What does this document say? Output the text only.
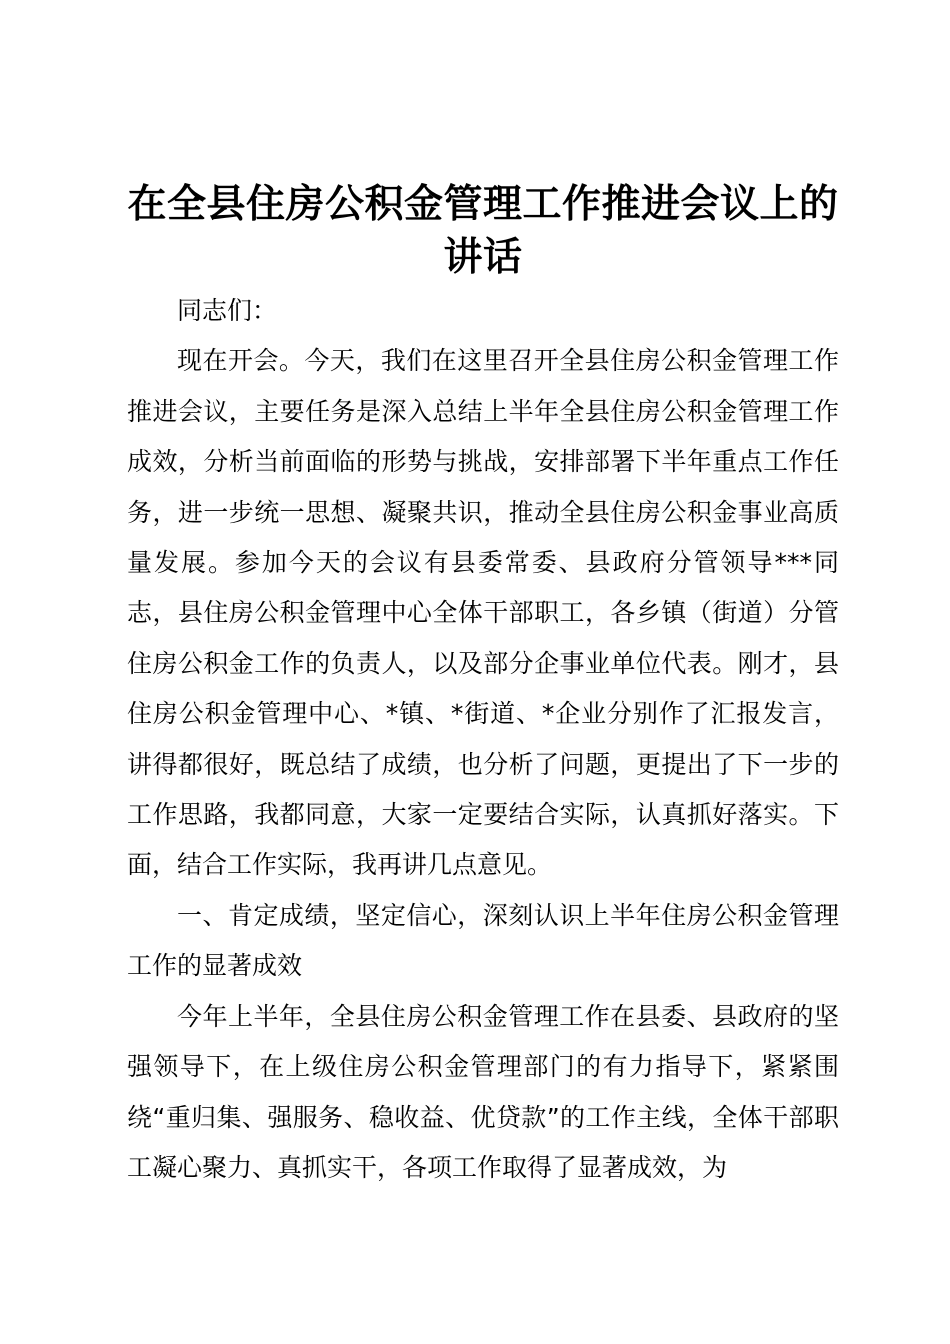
在全县住房公积金管理工作推进会议上的讲话

同志们：

现在开会。今天，我们在这里召开全县住房公积金管理工作推进会议，主要任务是深入总结上半年全县住房公积金管理工作成效，分析当前面临的形势与挑战，安排部署下半年重点工作任务，进一步统一思想、凝聚共识，推动全县住房公积金事业高质量发展。参加今天的会议有县委常委、县政府分管领导***同志，县住房公积金管理中心全体干部职工，各乡镇（街道）分管住房公积金工作的负责人，以及部分企事业单位代表。刚才，县住房公积金管理中心、*镇、*街道、*企业分别作了汇报发言，讲得都很好，既总结了成绩，也分析了问题，更提出了下一步的工作思路，我都同意，大家一定要结合实际，认真抓好落实。下面，结合工作实际，我再讲几点意见。

一、肯定成绩，坚定信心，深刻认识上半年住房公积金管理工作的显著成效

今年上半年，全县住房公积金管理工作在县委、县政府的坚强领导下，在上级住房公积金管理部门的有力指导下，紧紧围绕“重归集、强服务、稳收益、优贷款”的工作主线，全体干部职工凝心聚力、真抓实干，各项工作取得了显著成效，为
